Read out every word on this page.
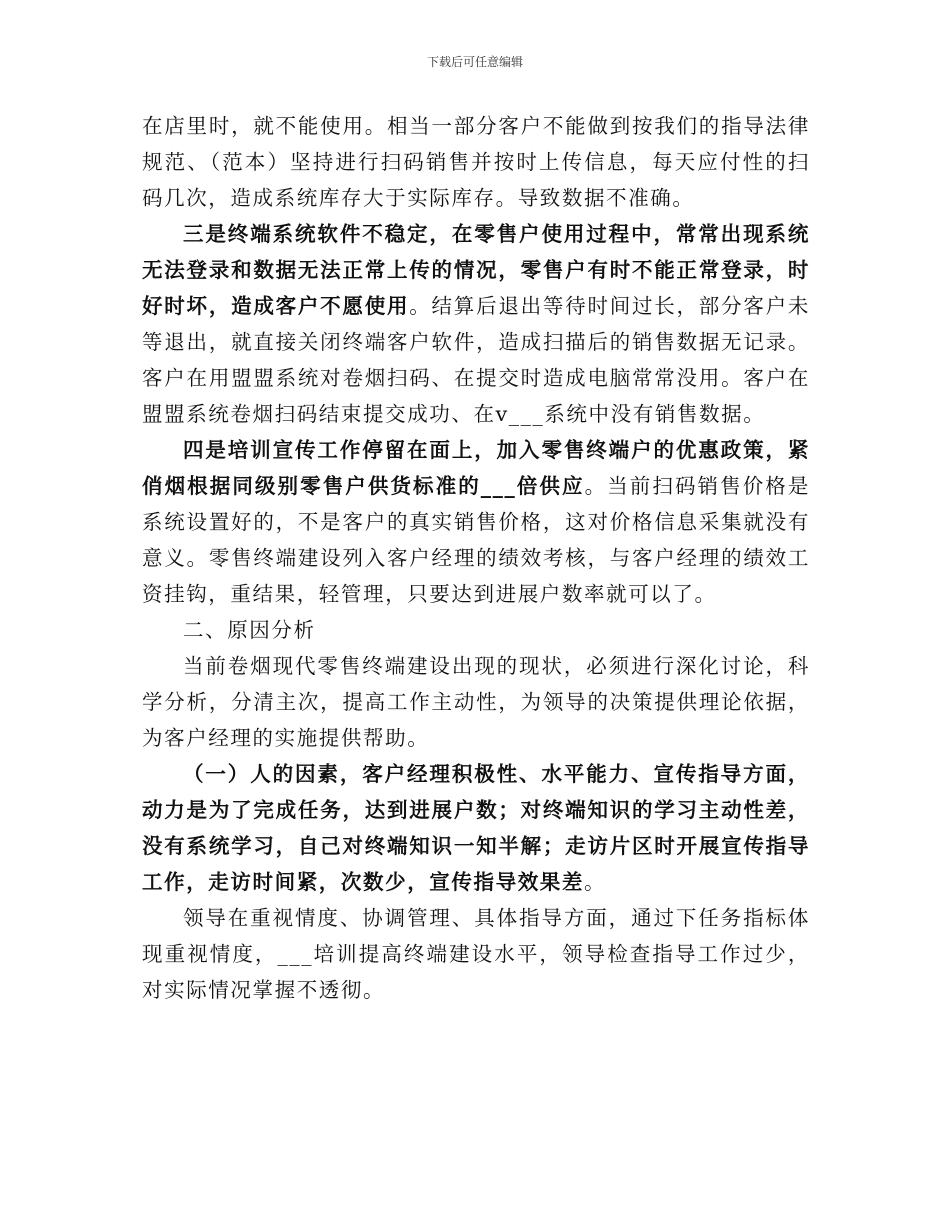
下载后可任意编辑

在店里时，就不能使用。相当一部分客户不能做到按我们的指导法律规范、（范本）坚持进行扫码销售并按时上传信息，每天应付性的扫码几次，造成系统库存大于实际库存。导致数据不准确。

三是终端系统软件不稳定，在零售户使用过程中，常常出现系统无法登录和数据无法正常上传的情况，零售户有时不能正常登录，时好时坏，造成客户不愿使用。结算后退出等待时间过长，部分客户未等退出，就直接关闭终端客户软件，造成扫描后的销售数据无记录。客户在用盟盟系统对卷烟扫码、在提交时造成电脑常常没用。客户在盟盟系统卷烟扫码结束提交成功、在v___系统中没有销售数据。

四是培训宣传工作停留在面上，加入零售终端户的优惠政策，紧俏烟根据同级别零售户供货标准的___倍供应。当前扫码销售价格是系统设置好的，不是客户的真实销售价格，这对价格信息采集就没有意义。零售终端建设列入客户经理的绩效考核，与客户经理的绩效工资挂钩，重结果，轻管理，只要达到进展户数率就可以了。

二、原因分析

当前卷烟现代零售终端建设出现的现状，必须进行深化讨论，科学分析，分清主次，提高工作主动性，为领导的决策提供理论依据，为客户经理的实施提供帮助。

（一）人的因素，客户经理积极性、水平能力、宣传指导方面，动力是为了完成任务，达到进展户数；对终端知识的学习主动性差，没有系统学习，自己对终端知识一知半解；走访片区时开展宣传指导工作，走访时间紧，次数少，宣传指导效果差。

领导在重视情度、协调管理、具体指导方面，通过下任务指标体现重视情度，___培训提高终端建设水平，领导检查指导工作过少，对实际情况掌握不透彻。
